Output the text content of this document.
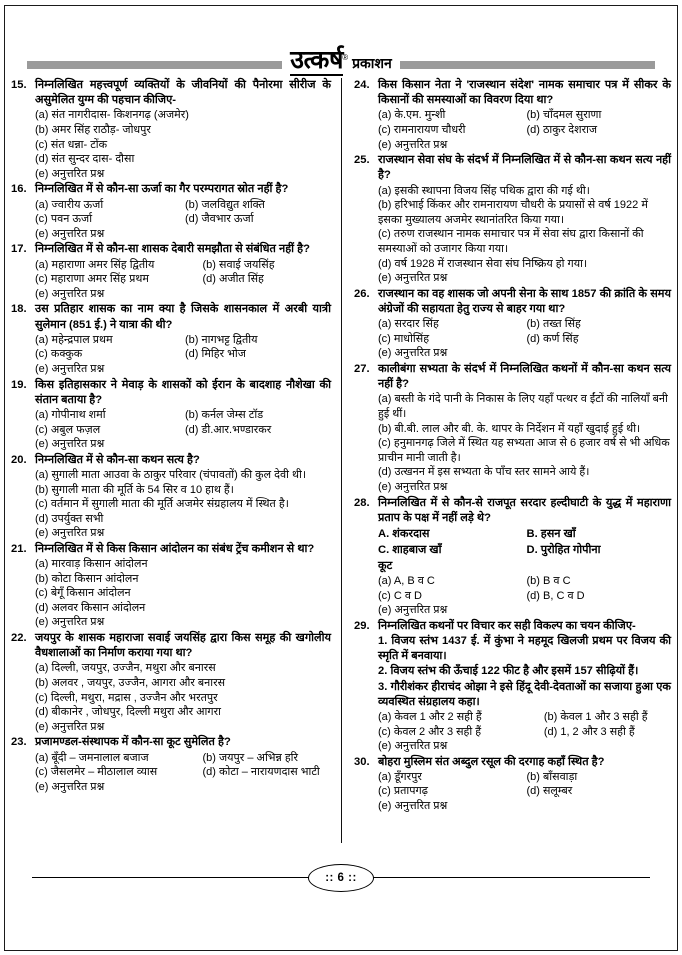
उत्कर्ष ® प्रकाशन
15. निम्नलिखित महत्त्वपूर्ण व्यक्तियों के जीवनियों की पैनोरमा सीरीज के असुमेलित युग्म की पहचान कीजिए-
(a) संत नागरीदास- किशनगढ़ (अजमेर)
(b) अमर सिंह राठौड़- जोधपुर
(c) संत धन्ना- टोंक
(d) संत सुन्दर दास- दौसा
(e) अनुत्तरित प्रश्न
16. निम्नलिखित में से कौन-सा ऊर्जा का गैर परम्परागत स्रोत नहीं है?
(a) ज्वारीय ऊर्जा	(b) जलविद्युत शक्ति
(c) पवन ऊर्जा	(d) जैवभार ऊर्जा
(e) अनुत्तरित प्रश्न
17. निम्नलिखित में से कौन-सा शासक देबारी समझौता से संबंधित नहीं है?
(a) महाराणा अमर सिंह द्वितीय	(b) सवाई जयसिंह
(c) महाराणा अमर सिंह प्रथम	(d) अजीत सिंह
(e) अनुत्तरित प्रश्न
18. उस प्रतिहार शासक का नाम क्या है जिसके शासनकाल में अरबी यात्री सुलेमान (851 ई.) ने यात्रा की थी?
(a) महेन्द्रपाल प्रथम	(b) नागभट्ट द्वितीय
(c) कक्कुक	(d) मिहिर भोज
(e) अनुत्तरित प्रश्न
19. किस इतिहासकार ने मेवाड़ के शासकों को ईरान के बादशाह नौशेखा की संतान बताया है?
(a) गोपीनाथ शर्मा	(b) कर्नल जेम्स टॉड
(c) अबुल फज़ल	(d) डी.आर.भण्डारकर
(e) अनुत्तरित प्रश्न
20. निम्नलिखित में से कौन-सा कथन सत्य है?
(a) सुगाली माता आउवा के ठाकुर परिवार (चंपावतों) की कुल देवी थी।
(b) सुगाली माता की मूर्ति के 54 सिर व 10 हाथ हैं।
(c) वर्तमान में सुगाली माता की मूर्ति अजमेर संग्रहालय में स्थित है।
(d) उपर्युक्त सभी
(e) अनुत्तरित प्रश्न
21. निम्नलिखित में से किस किसान आंदोलन का संबंध ट्रेंच कमीशन से था?
(a) मारवाड़ किसान आंदोलन
(b) कोटा किसान आंदोलन
(c) बेगूँ किसान आंदोलन
(d) अलवर किसान आंदोलन
(e) अनुत्तरित प्रश्न
22. जयपुर के शासक महाराजा सवाई जयसिंह द्वारा किस समूह की खगोलीय वैधशालाओं का निर्माण कराया गया था?
(a) दिल्ली, जयपुर, उज्जैन, मथुरा और बनारस
(b) अलवर , जयपुर, उज्जैन, आगरा और बनारस
(c) दिल्ली, मथुरा, मद्रास , उज्जैन और भरतपुर
(d) बीकानेर , जोधपुर, दिल्ली मथुरा और आगरा
(e) अनुत्तरित प्रश्न
23. प्रजामण्डल-संस्थापक में कौन-सा कूट सुमेलित है?
(a) बूँदी – जमनालाल बजाज	(b) जयपुर – अभिन्न हरि
(c) जैसलमेर – मीठालाल व्यास	(d) कोटा – नारायणदास भाटी
(e) अनुत्तरित प्रश्न
24. किस किसान नेता ने 'राजस्थान संदेश' नामक समाचार पत्र में सीकर के किसानों की समस्याओं का विवरण दिया था?
(a) के.एम. मुन्शी	(b) चाँदमल सुराणा
(c) रामनारायण चौधरी	(d) ठाकुर देशराज
(e) अनुत्तरित प्रश्न
25. राजस्थान सेवा संघ के संदर्भ में निम्नलिखित में से कौन-सा कथन सत्य नहीं है?
(a) इसकी स्थापना विजय सिंह पथिक द्वारा की गई थी।
(b) हरिभाई किंकर और रामनारायण चौधरी के प्रयासों से वर्ष 1922 में इसका मुख्यालय अजमेर स्थानांतरित किया गया।
(c) तरुण राजस्थान नामक समाचार पत्र में सेवा संघ द्वारा किसानों की समस्याओं को उजागर किया गया।
(d) वर्ष 1928 में राजस्थान सेवा संघ निष्क्रिय हो गया।
(e) अनुत्तरित प्रश्न
26. राजस्थान का वह शासक जो अपनी सेना के साथ 1857 की क्रांति के समय अंग्रेजों की सहायता हेतु राज्य से बाहर गया था?
(a) सरदार सिंह	(b) तख्त सिंह
(c) माधोसिंह	(d) कर्ण सिंह
(e) अनुत्तरित प्रश्न
27. कालीबंगा सभ्यता के संदर्भ में निम्नलिखित कथनों में कौन-सा कथन सत्य नहीं है?
(a) बस्ती के गंदे पानी के निकास के लिए यहाँ पत्थर व ईंटों की नालियाँ बनी हुई थीं।
(b) बी.बी. लाल और बी. के. थापर के निर्देशन में यहाँ खुदाई हुई थी।
(c) हनुमानगढ़ जिले में स्थित यह सभ्यता आज से 6 हजार वर्ष से भी अधिक प्राचीन मानी जाती है।
(d) उत्खनन में इस सभ्यता के पाँच स्तर सामने आये हैं।
(e) अनुत्तरित प्रश्न
28. निम्नलिखित में से कौन-से राजपूत सरदार हल्दीघाटी के युद्ध में महाराणा प्रताप के पक्ष में नहीं लड़े थे?
A. शंकरदास	B. हसन खाँ
C. शाहबाज खाँ	D. पुरोहित गोपीना
कूट
(a) A, B व C	(b) B व C
(c) C व D	(d) B, C व D
(e) अनुत्तरित प्रश्न
29. निम्नलिखित कथनों पर विचार कर सही विकल्प का चयन कीजिए-
1. विजय स्तंभ 1437 ई. में कुंभा ने महमूद खिलजी प्रथम पर विजय की स्मृति में बनवाया।
2. विजय स्तंभ की ऊँचाई 122 फीट है और इसमें 157 सीढ़ियों हैं।
3. गौरीशंकर हीराचंद ओझा ने इसे हिंदू देवी-देवताओं का सजाया हुआ एक व्यवस्थित संग्रहालय कहा।
(a) केवल 1 और 2 सही हैं	(b) केवल 1 और 3 सही हैं
(c) केवल 2 और 3 सही हैं	(d) 1, 2 और 3 सही हैं
(e) अनुत्तरित प्रश्न
30. बोहरा मुस्लिम संत अब्दुल रसूल की दरगाह कहाँ स्थित है?
(a) डूँगरपुर	(b) बाँसवाड़ा
(c) प्रतापगढ़	(d) सलूम्बर
(e) अनुत्तरित प्रश्न
:: 6 ::
